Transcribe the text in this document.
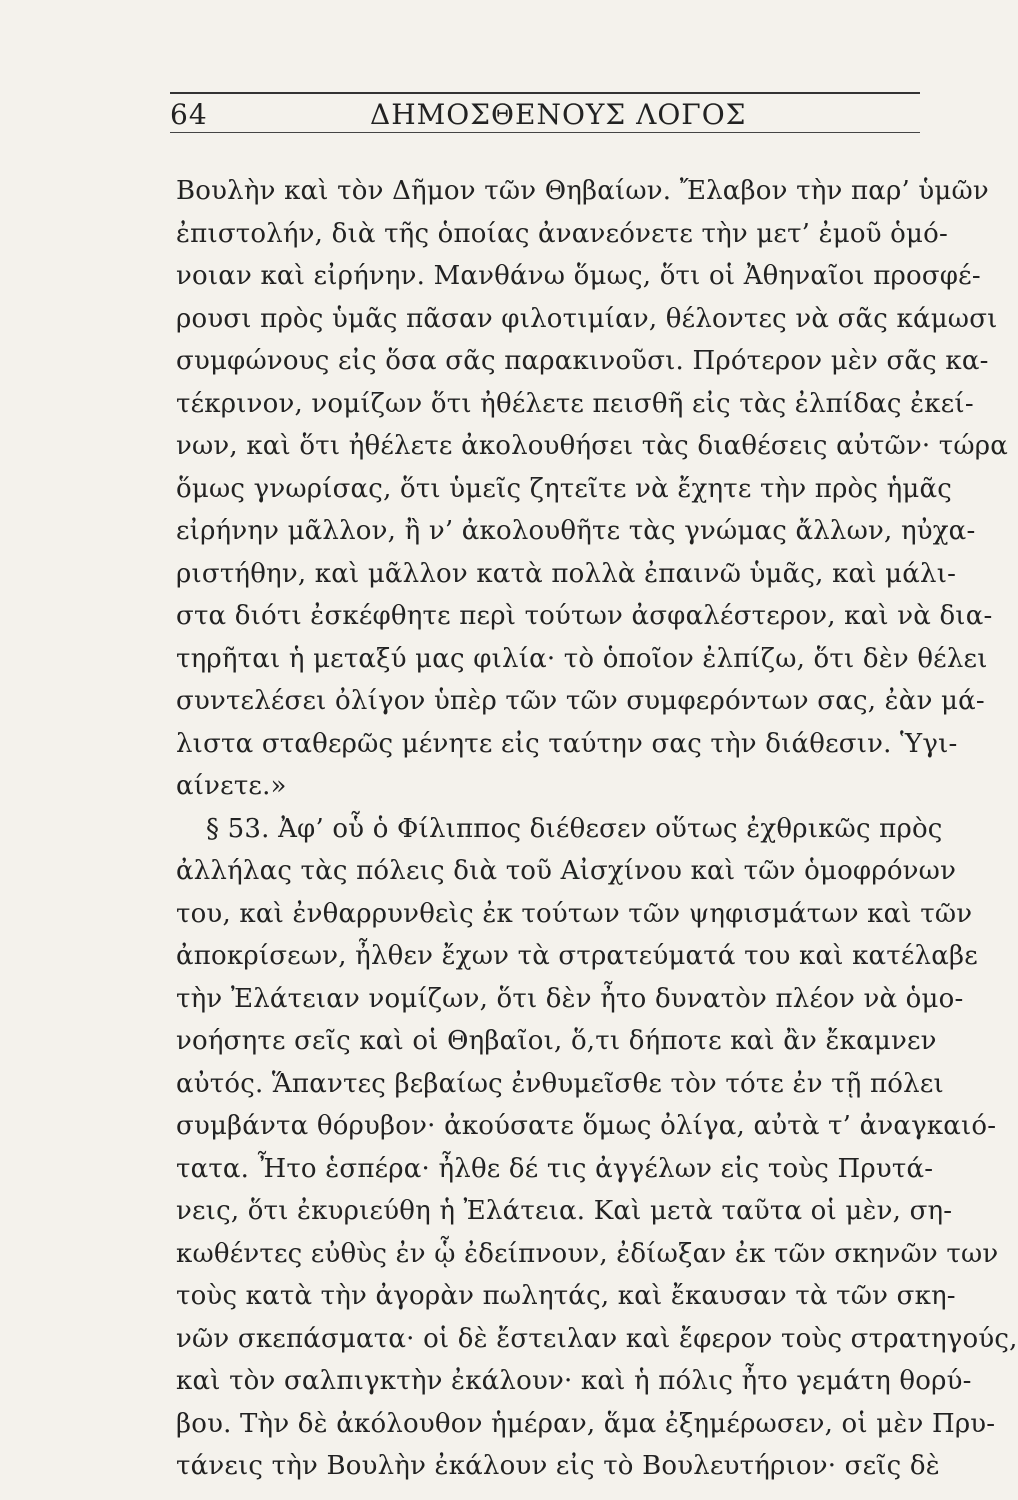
64	ΔΗΜΟΣΘΕΝΟΥΣ ΛΟΓΟΣ
Βουλὴν καὶ τὸν Δῆμον τῶν Θηβαίων. Ἔλαβον τὴν παρ’ ὑμῶν
ἐπιστολήν, διὰ τῆς ὁποίας ἀνανεόνετε τὴν μετ’ ἐμοῦ ὁμό-
νοιαν καὶ εἰρήνην. Μανθάνω ὅμως, ὅτι οἱ Ἀθηναῖοι προσφέ-
ρουσι πρὸς ὑμᾶς πᾶσαν φιλοτιμίαν, θέλοντες νὰ σᾶς κάμωσι
συμφώνους εἰς ὅσα σᾶς παρακινοῦσι. Πρότερον μὲν σᾶς κα-
τέκρινον, νομίζων ὅτι ἠθέλετε πεισθῆ εἰς τὰς ἐλπίδας ἐκεί-
νων, καὶ ὅτι ἠθέλετε ἀκολουθήσει τὰς διαθέσεις αὐτῶν· τώρα
ὅμως γνωρίσας, ὅτι ὑμεῖς ζητεῖτε νὰ ἔχητε τὴν πρὸς ἡμᾶς
εἰρήνην μᾶλλον, ἢ ν’ ἀκολουθῆτε τὰς γνώμας ἄλλων, ηὐχα-
ριστήθην, καὶ μᾶλλον κατὰ πολλὰ ἐπαινῶ ὑμᾶς, καὶ μάλι-
στα διότι ἐσκέφθητε περὶ τούτων ἀσφαλέστερον, καὶ νὰ δια-
τηρῆται ἡ μεταξύ μας φιλία· τὸ ὁποῖον ἐλπίζω, ὅτι δὲν θέλει
συντελέσει ὀλίγον ὑπὲρ τῶν τῶν συμφερόντων σας, ἐὰν μά-
λιστα σταθερῶς μένητε εἰς ταύτην σας τὴν διάθεσιν. Ὑγι-
αίνετε.»
§ 53. Ἀφ’ οὗ ὁ Φίλιππος διέθεσεν οὕτως ἐχθρικῶς πρὸς
ἀλλήλας τὰς πόλεις διὰ τοῦ Αἰσχίνου καὶ τῶν ὁμοφρόνων
του, καὶ ἐνθαρρυνθεὶς ἐκ τούτων τῶν ψηφισμάτων καὶ τῶν
ἀποκρίσεων, ἦλθεν ἔχων τὰ στρατεύματά του καὶ κατέλαβε
τὴν Ἐλάτειαν νομίζων, ὅτι δὲν ἦτο δυνατὸν πλέον νὰ ὁμο-
νοήσητε σεῖς καὶ οἱ Θηβαῖοι, ὅ,τι δήποτε καὶ ἂν ἔκαμνεν
αὐτός. Ἅπαντες βεβαίως ἐνθυμεῖσθε τὸν τότε ἐν τῇ πόλει
συμβάντα θόρυβον· ἀκούσατε ὅμως ὀλίγα, αὐτὰ τ’ ἀναγκαιό-
τατα. Ἦτο ἑσπέρα· ἦλθε δέ τις ἀγγέλων εἰς τοὺς Πρυτά-
νεις, ὅτι ἐκυριεύθη ἡ Ἐλάτεια. Καὶ μετὰ ταῦτα οἱ μὲν, ση-
κωθέντες εὐθὺς ἐν ᾧ ἐδείπνουν, ἐδίωξαν ἐκ τῶν σκηνῶν των
τοὺς κατὰ τὴν ἀγορὰν πωλητάς, καὶ ἔκαυσαν τὰ τῶν σκη-
νῶν σκεπάσματα· οἱ δὲ ἔστειλαν καὶ ἔφερον τοὺς στρατηγούς,
καὶ τὸν σαλπιγκτὴν ἐκάλουν· καὶ ἡ πόλις ἦτο γεμάτη θορύ-
βου. Τὴν δὲ ἀκόλουθον ἡμέραν, ἅμα ἐξημέρωσεν, οἱ μὲν Πρυ-
τάνεις τὴν Βουλὴν ἐκάλουν εἰς τὸ Βουλευτήριον· σεῖς δὲ
